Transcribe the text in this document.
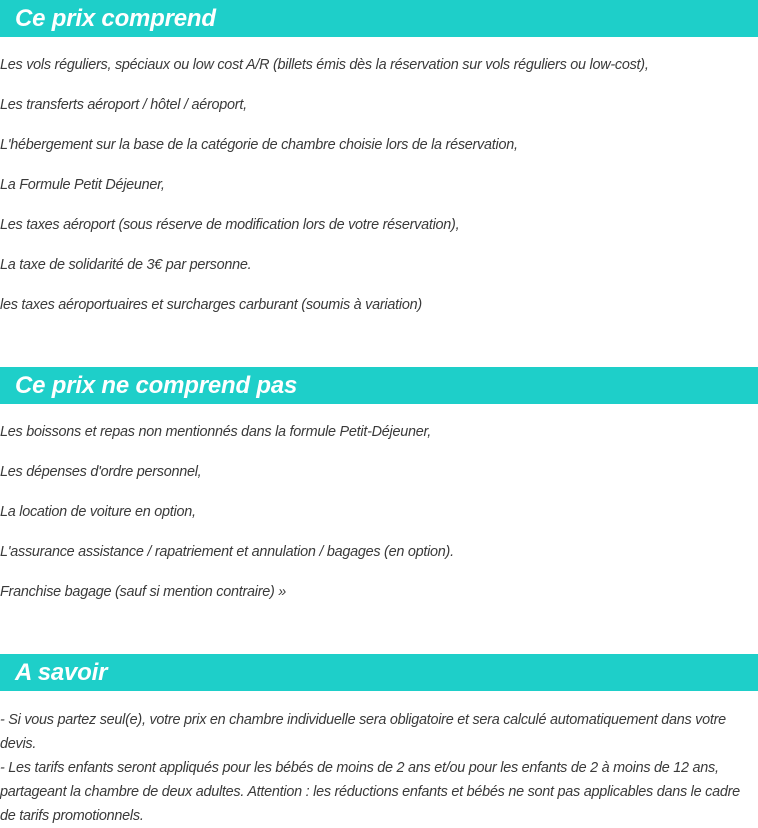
Ce prix comprend
Les vols réguliers, spéciaux ou low cost A/R (billets émis dès la réservation sur vols réguliers ou low-cost),
Les transferts aéroport / hôtel / aéroport,
L'hébergement sur la base de la catégorie de chambre choisie lors de la réservation,
La Formule Petit Déjeuner,
Les taxes aéroport (sous réserve de modification lors de votre réservation),
La taxe de solidarité de 3€ par personne.
les taxes aéroportuaires et surcharges carburant (soumis à variation)
Ce prix ne comprend pas
Les boissons et repas non mentionnés dans la formule Petit-Déjeuner,
Les dépenses d'ordre personnel,
La location de voiture en option,
L'assurance assistance / rapatriement et annulation / bagages (en option).
Franchise bagage (sauf si mention contraire) »
A savoir

- Si vous partez seul(e), votre prix en chambre individuelle sera obligatoire et sera calculé automatiquement dans votre devis.

- Les tarifs enfants seront appliqués pour les bébés de moins de 2 ans et/ou pour les enfants de 2 à moins de 12 ans, partageant la chambre de deux adultes. Attention : les réductions enfants et bébés ne sont pas applicables dans le cadre de tarifs promotionnels.
